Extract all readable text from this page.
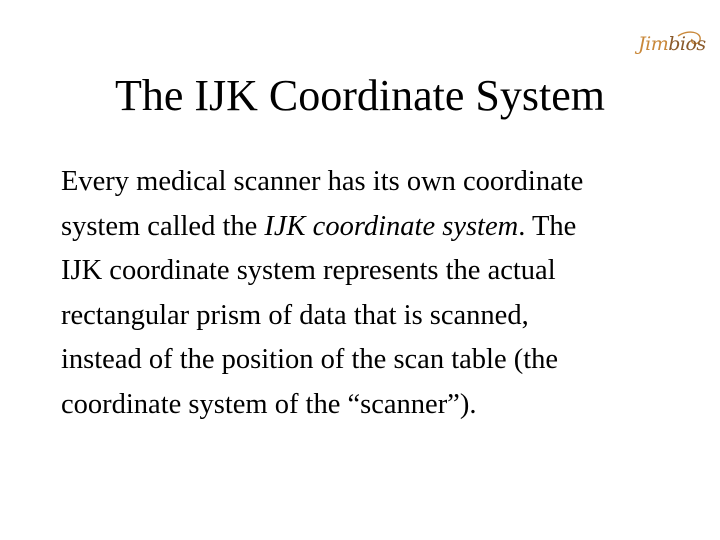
Jimbios
The IJK Coordinate System
Every medical scanner has its own coordinate
system called the IJK coordinate system. The
IJK coordinate system represents the actual
rectangular prism of data that is scanned,
instead of the position of the scan table (the
coordinate system of the “scanner”).
